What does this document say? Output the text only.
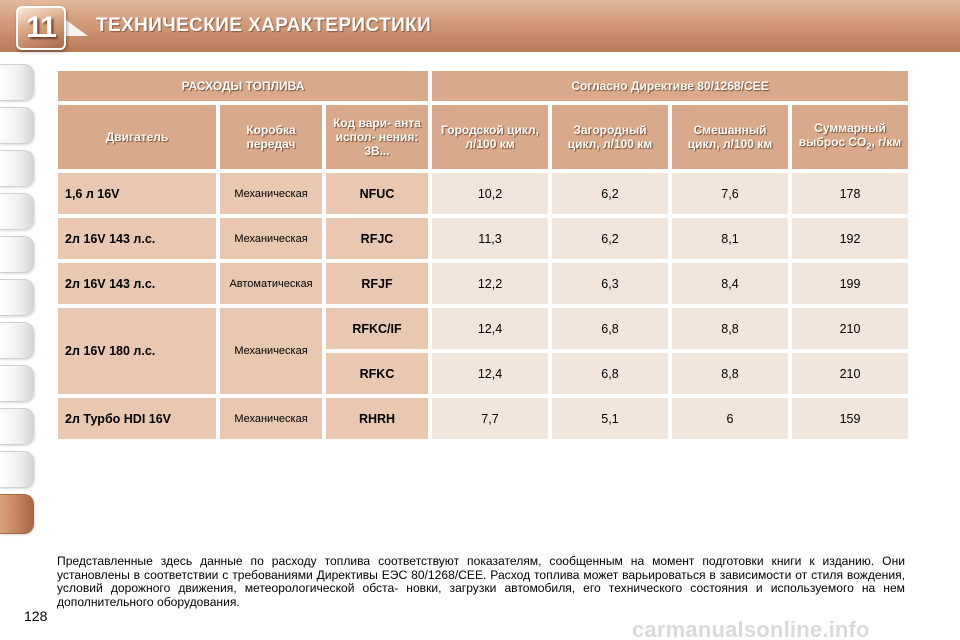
11 ТЕХНИЧЕСКИЕ ХАРАКТЕРИСТИКИ
РАСХОДЫ ТОПЛИВА			Согласно Директиве 80/1268/CEE			
Двигатель	Коробка передач	Код вари- анта испол- нения: 3В...	Городской цикл, л/100 км	Загородный цикл, л/100 км	Смешанный цикл, л/100 км	Суммарный выброс $CO_2$, г/км
1,6 л 16V	Механическая	NFUC	10,2	6,2	7,6	178
2л 16V 143 л.с.	Механическая	RFJC	11,3	6,2	8,1	192
2л 16V 143 л.с.	Автоматическая	RFJF	12,2	6,3	8,4	199
2л 16V 180 л.с.	Механическая	RFKC/IF	12,4	6,8	8,8	210
		RFKC	12,4	6,8	8,8	210
2л Турбо HDI 16V	Механическая	RHRH	7,7	5,1	6	159

Представленные здесь данные по расходу топлива соответствуют показателям, сообщенным на момент подготовки книги к изданию. Они установлены в соответствии с требованиями Директивы ЕЭС 80/1268/СЕЕ. Расход топлива может варьироваться в зависимости от стиля вождения, условий дорожного движения, метеорологической обста- новки, загрузки автомобиля, его технического состояния и используемого на нем дополнительного оборудования.

128
carmanualsonline.info
